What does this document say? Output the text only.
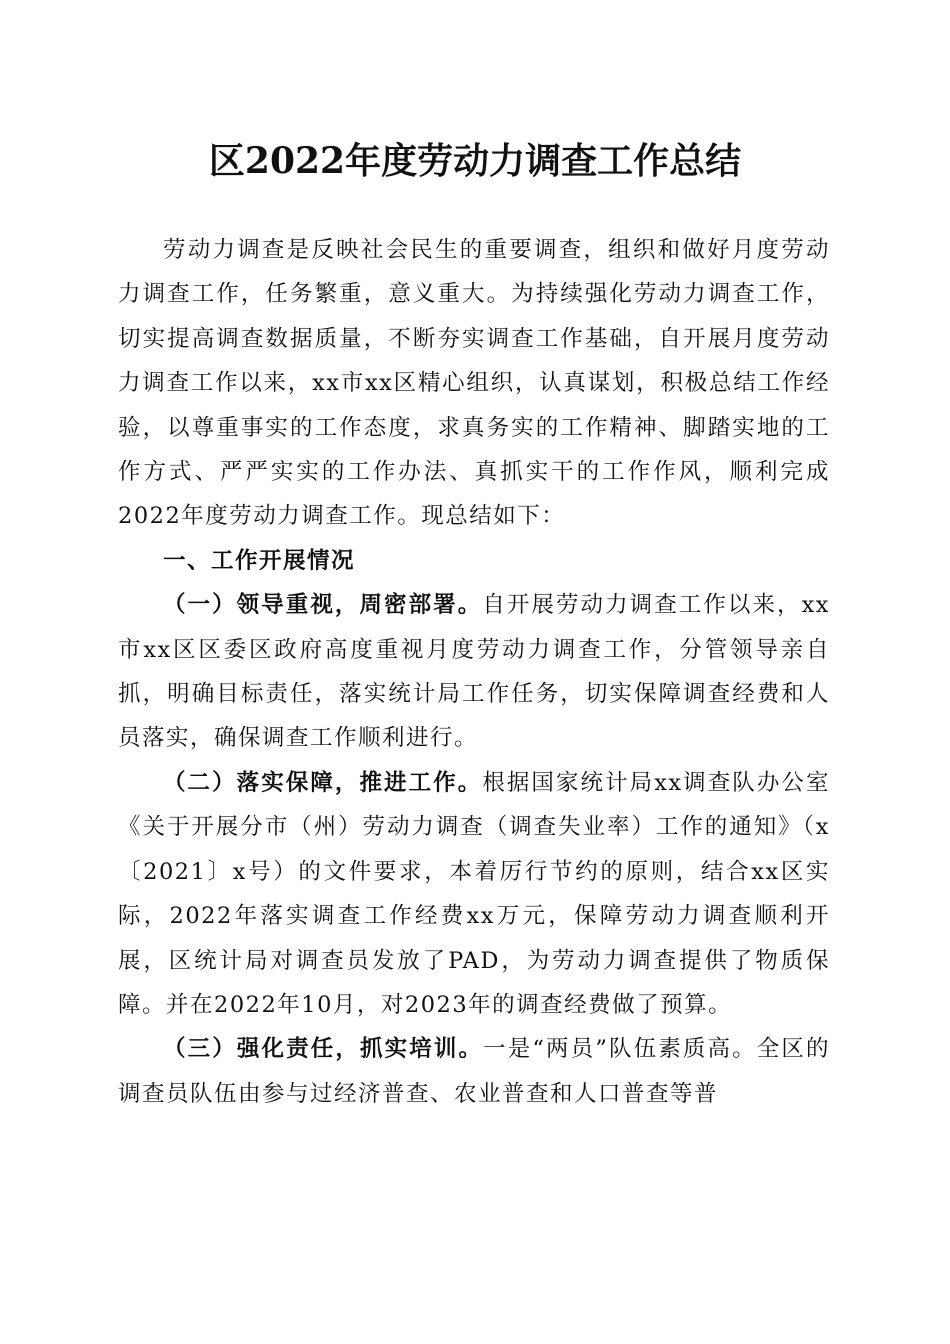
区2022年度劳动力调查工作总结

劳动力调查是反映社会民生的重要调查，组织和做好月度劳动力调查工作，任务繁重，意义重大。为持续强化劳动力调查工作，切实提高调查数据质量，不断夯实调查工作基础，自开展月度劳动力调查工作以来，xx市xx区精心组织，认真谋划，积极总结工作经验，以尊重事实的工作态度，求真务实的工作精神、脚踏实地的工作方式、严严实实的工作办法、真抓实干的工作作风，顺利完成2022年度劳动力调查工作。现总结如下：

一、工作开展情况

（一）领导重视，周密部署。自开展劳动力调查工作以来，xx市xx区区委区政府高度重视月度劳动力调查工作，分管领导亲自抓，明确目标责任，落实统计局工作任务，切实保障调查经费和人员落实，确保调查工作顺利进行。

（二）落实保障，推进工作。根据国家统计局xx调查队办公室《关于开展分市（州）劳动力调查（调查失业率）工作的通知》（x〔2021〕x号）的文件要求，本着厉行节约的原则，结合xx区实际，2022年落实调查工作经费xx万元，保障劳动力调查顺利开展，区统计局对调查员发放了PAD，为劳动力调查提供了物质保障。并在2022年10月，对2023年的调查经费做了预算。

（三）强化责任，抓实培训。一是“两员”队伍素质高。全区的调查员队伍由参与过经济普查、农业普查和人口普查等普
